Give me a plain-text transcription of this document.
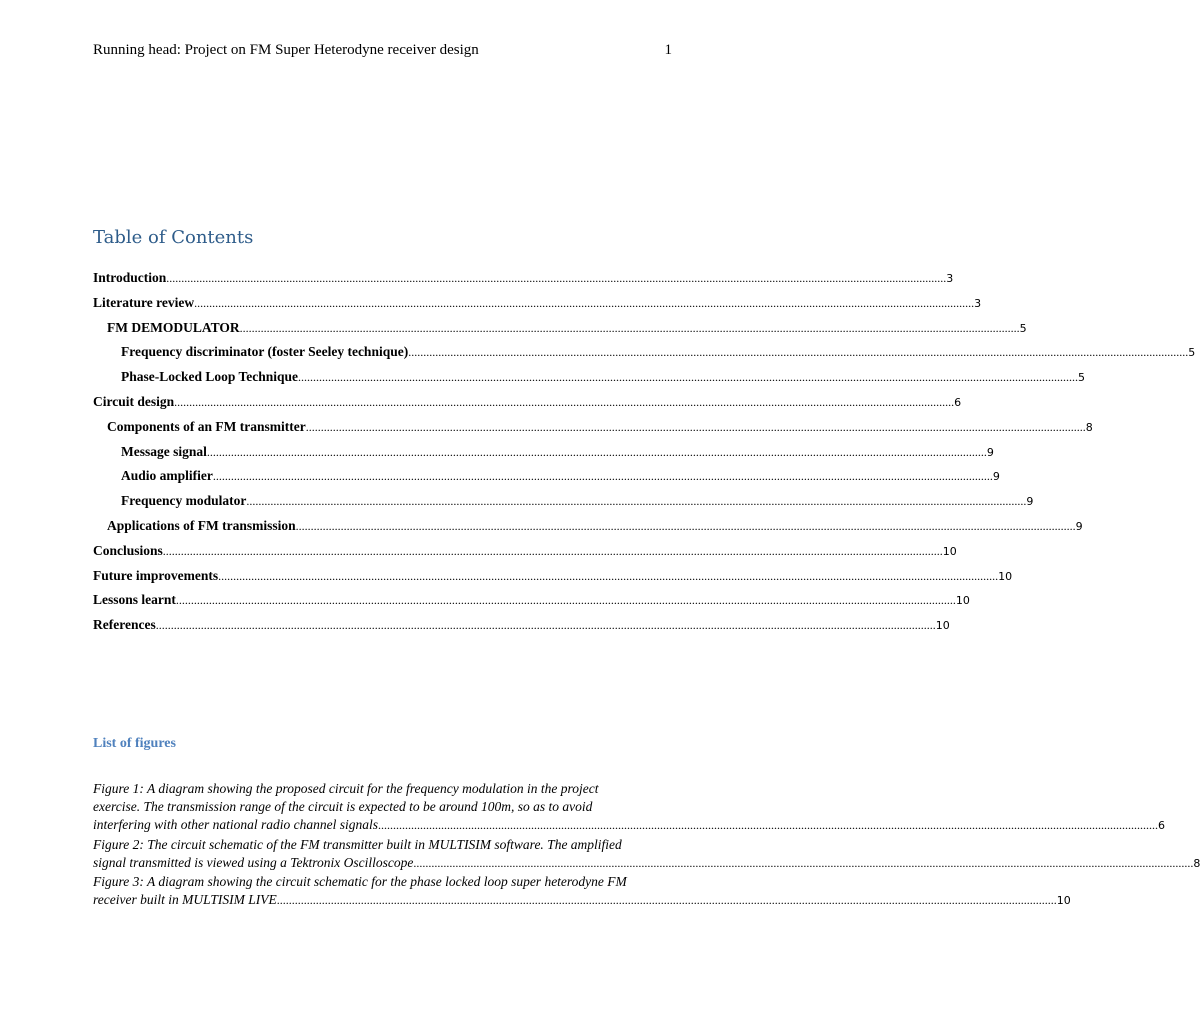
Running head: Project on FM Super Heterodyne receiver design	1
Table of Contents
Introduction .................................................................................................................................................................................................................................................................... 3
Literature review .................................................................................................................................................................................................................................................................... 3
FM DEMODULATOR .................................................................................................................................................................................................................................................................... 5
Frequency discriminator (foster Seeley technique) .................................................................................................................................................................................................................................................................... 5
Phase-Locked Loop Technique .................................................................................................................................................................................................................................................................... 5
Circuit design .................................................................................................................................................................................................................................................................... 6
Components of an FM transmitter .................................................................................................................................................................................................................................................................... 8
Message signal .................................................................................................................................................................................................................................................................... 9
Audio amplifier .................................................................................................................................................................................................................................................................... 9
Frequency modulator .................................................................................................................................................................................................................................................................... 9
Applications of FM transmission .................................................................................................................................................................................................................................................................... 9
Conclusions .................................................................................................................................................................................................................................................................... 10
Future improvements .................................................................................................................................................................................................................................................................... 10
Lessons learnt .................................................................................................................................................................................................................................................................... 10
References .................................................................................................................................................................................................................................................................... 10
List of figures
Figure 1: A diagram showing the proposed circuit for the frequency modulation in the project
exercise. The transmission range of the circuit is expected to be around 100m, so as to avoid
interfering with other national radio channel signals .................................................................................................................................................................................................................................................................... 6
Figure 2: The circuit schematic of the FM transmitter built in MULTISIM software. The amplified
signal transmitted is viewed using a Tektronix Oscilloscope .................................................................................................................................................................................................................................................................... 8
Figure 3: A diagram showing the circuit schematic for the phase locked loop super heterodyne FM
receiver built in MULTISIM LIVE .................................................................................................................................................................................................................................................................... 10
